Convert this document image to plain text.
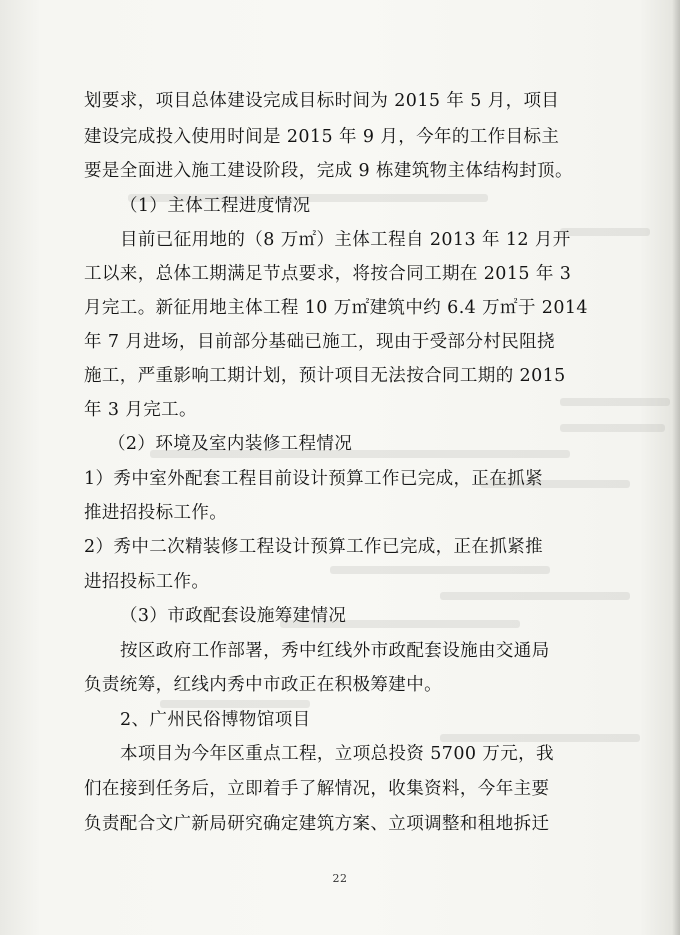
划要求，项目总体建设完成目标时间为 2015 年 5 月，项目
建设完成投入使用时间是 2015 年 9 月，今年的工作目标主
要是全面进入施工建设阶段，完成 9 栋建筑物主体结构封顶。
（1）主体工程进度情况
目前已征用地的（8 万㎡）主体工程自 2013 年 12 月开
工以来，总体工期满足节点要求，将按合同工期在 2015 年 3
月完工。新征用地主体工程 10 万㎡建筑中约 6.4 万㎡于 2014
年 7 月进场，目前部分基础已施工，现由于受部分村民阻挠
施工，严重影响工期计划，预计项目无法按合同工期的 2015
年 3 月完工。
（2）环境及室内装修工程情况
1）秀中室外配套工程目前设计预算工作已完成，正在抓紧
推进招投标工作。
2）秀中二次精装修工程设计预算工作已完成，正在抓紧推
进招投标工作。
（3）市政配套设施筹建情况
按区政府工作部署，秀中红线外市政配套设施由交通局
负责统筹，红线内秀中市政正在积极筹建中。
2、广州民俗博物馆项目
本项目为今年区重点工程，立项总投资 5700 万元，我
们在接到任务后，立即着手了解情况，收集资料，今年主要
负责配合文广新局研究确定建筑方案、立项调整和租地拆迁
22
